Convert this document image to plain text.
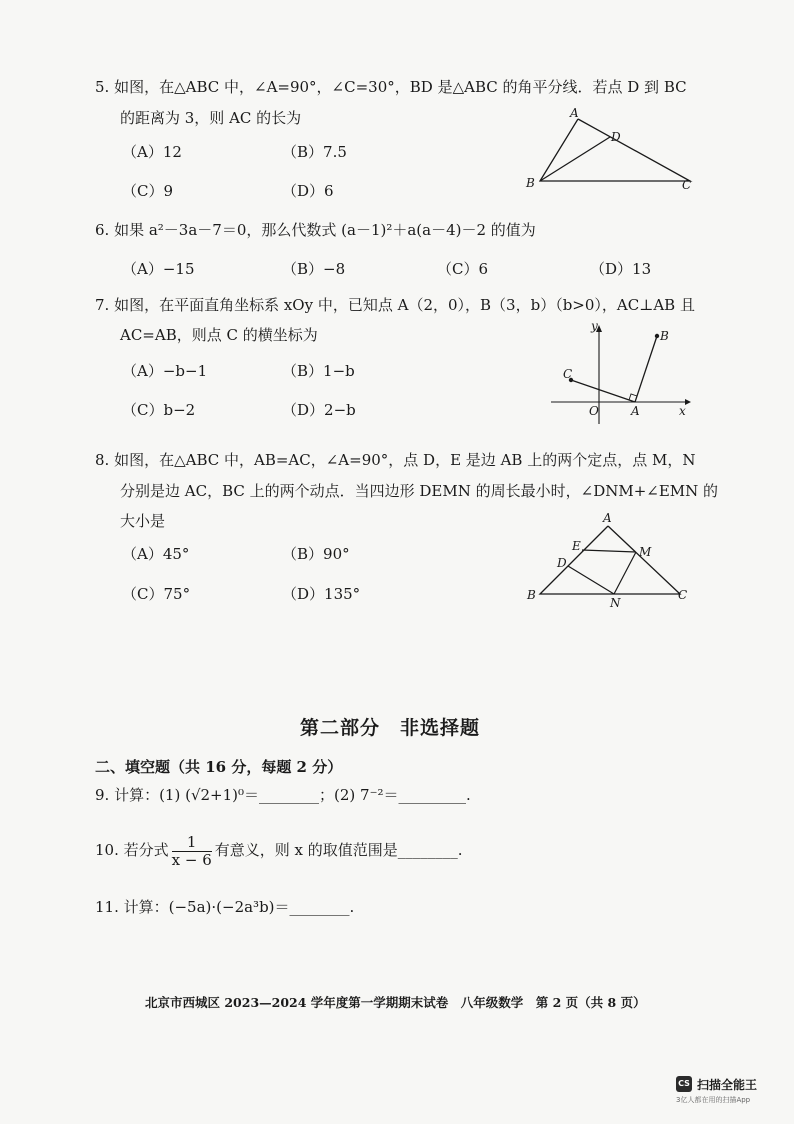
5. 如图，在△ABC 中，∠A=90°，∠C=30°，BD 是△ABC 的角平分线．若点 D 到 BC
的距离为 3，则 AC 的长为
（A）12	（B）7.5
（C）9	（D）6
A
D
B	C
6. 如果 a²－3a－7＝0，那么代数式 (a－1)²＋a(a－4)－2 的值为
（A）−15	（B）−8	（C）6	（D）13
7. 如图，在平面直角坐标系 xOy 中，已知点 A（2，0），B（3，b）（b>0），AC⊥AB 且
AC=AB，则点 C 的横坐标为
（A）−b−1	（B）1−b
（C）b−2	（D）2−b
y
B
C
O	A	x
8. 如图，在△ABC 中，AB=AC，∠A=90°，点 D，E 是边 AB 上的两个定点，点 M，N
分别是边 AC，BC 上的两个动点．当四边形 DEMN 的周长最小时，∠DNM+∠EMN 的
大小是
（A）45°	（B）90°
（C）75°	（D）135°
A
E	M
D
B
N
C
第二部分　非选择题
二、填空题（共 16 分，每题 2 分）
9. 计算：(1) (√2+1)⁰＝________；(2) 7⁻²＝_________.
10. 若分式 $\frac{1}{x - 6}$ 有意义，则 x 的取值范围是________.
11. 计算：(−5a)·(−2a³b)＝________.
北京市西城区 2023—2024 学年度第一学期期末试卷　八年级数学　第 2 页（共 8 页）
CS 扫描全能王
3亿人都在用的扫描App
